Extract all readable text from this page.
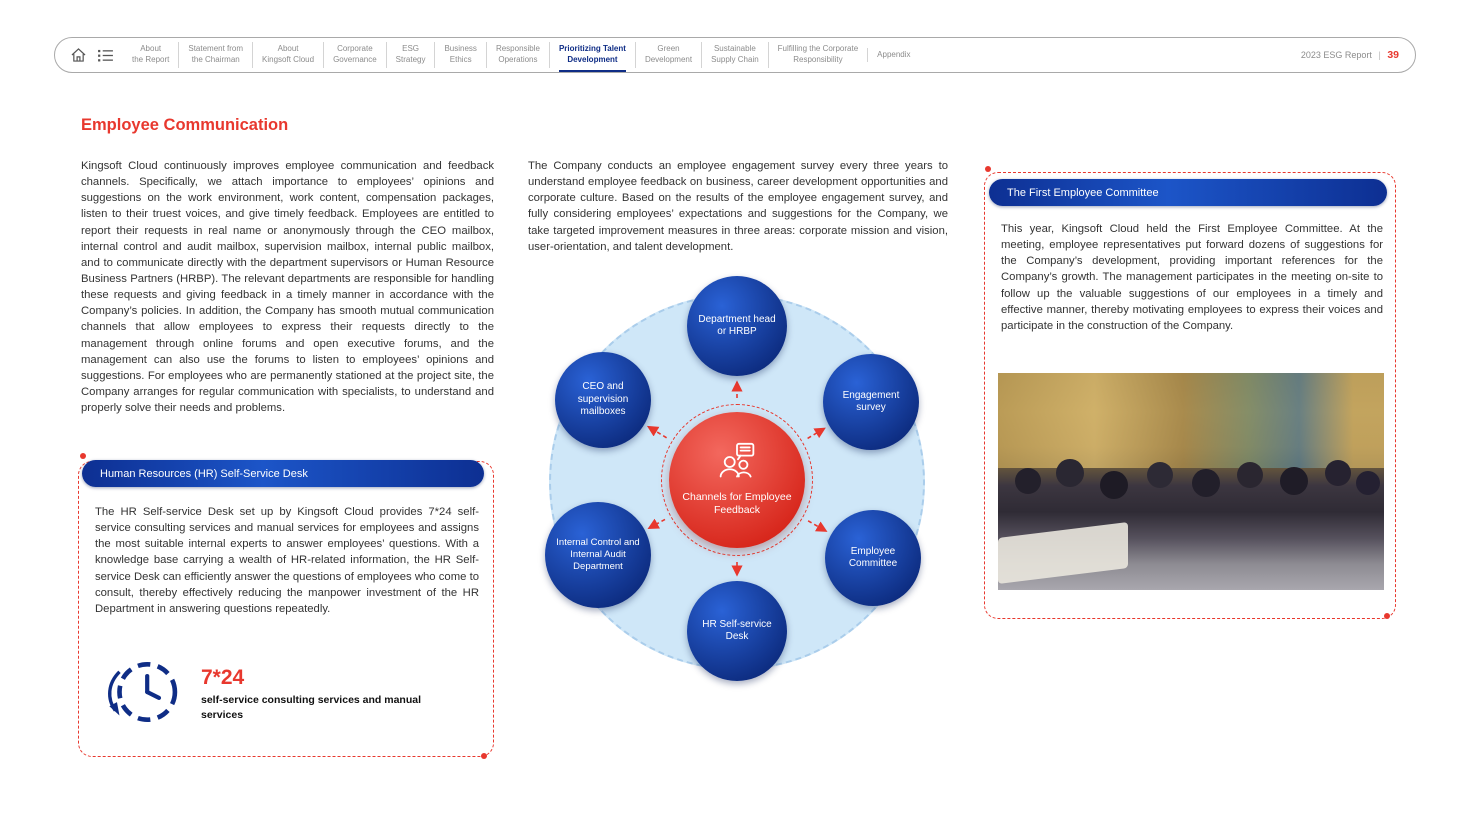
About
the Report
Statement from
the Chairman
About
Kingsoft Cloud
Corporate
Governance
ESG
Strategy
Business
Ethics
Responsible
Operations
Prioritizing Talent
Development
Green
Development
Sustainable
Supply Chain
Fulfilling the Corporate
Responsibility
Appendix	2023 ESG Report | 39
Employee Communication
Kingsoft Cloud continuously improves employee communication and feedback channels. Specifically, we attach importance to employees’ opinions and suggestions on the work environment, work content, compensation packages, listen to their truest voices, and give timely feedback. Employees are entitled to report their requests in real name or anonymously through the CEO mailbox, internal control and audit mailbox, supervision mailbox, internal public mailbox, and to communicate directly with the department supervisors or Human Resource Business Partners (HRBP). The relevant departments are responsible for handling these requests and giving feedback in a timely manner in accordance with the Company’s policies. In addition, the Company has smooth mutual communication channels that allow employees to express their requests directly to the management through online forums and open executive forums, and the management can also use the forums to listen to employees’ opinions and suggestions. For employees who are permanently stationed at the project site, the Company arranges for regular communication with specialists, to understand and properly solve their needs and problems.
The Company conducts an employee engagement survey every three years to understand employee feedback on business, career development opportunities and corporate culture. Based on the results of the employee engagement survey, and fully considering employees’ expectations and suggestions for the Company, we take targeted improvement measures in three areas: corporate mission and vision, user-orientation, and talent development.
Human Resources (HR) Self-Service Desk
The HR Self-service Desk set up by Kingsoft Cloud provides 7*24 self-service consulting services and manual services for employees and assigns the most suitable internal experts to answer employees’ questions. With a knowledge base carrying a wealth of HR-related information, the HR Self-service Desk can efficiently answer the questions of employees who come to consult, thereby effectively reducing the manpower investment of the HR Department in answering questions repeatedly.
7*24
self-service consulting services and manual services
Department head or HRBP
Engagement survey
Employee Committee
HR Self-service Desk
Internal Control and Internal Audit Department
CEO and supervision mailboxes
Channels for Employee Feedback
The First Employee Committee
This year, Kingsoft Cloud held the First Employee Committee. At the meeting, employee representatives put forward dozens of suggestions for the Company’s development, providing important references for the Company’s growth. The management participates in the meeting on-site to follow up the valuable suggestions of our employees in a timely and effective manner, thereby motivating employees to express their voices and participate in the construction of the Company.
